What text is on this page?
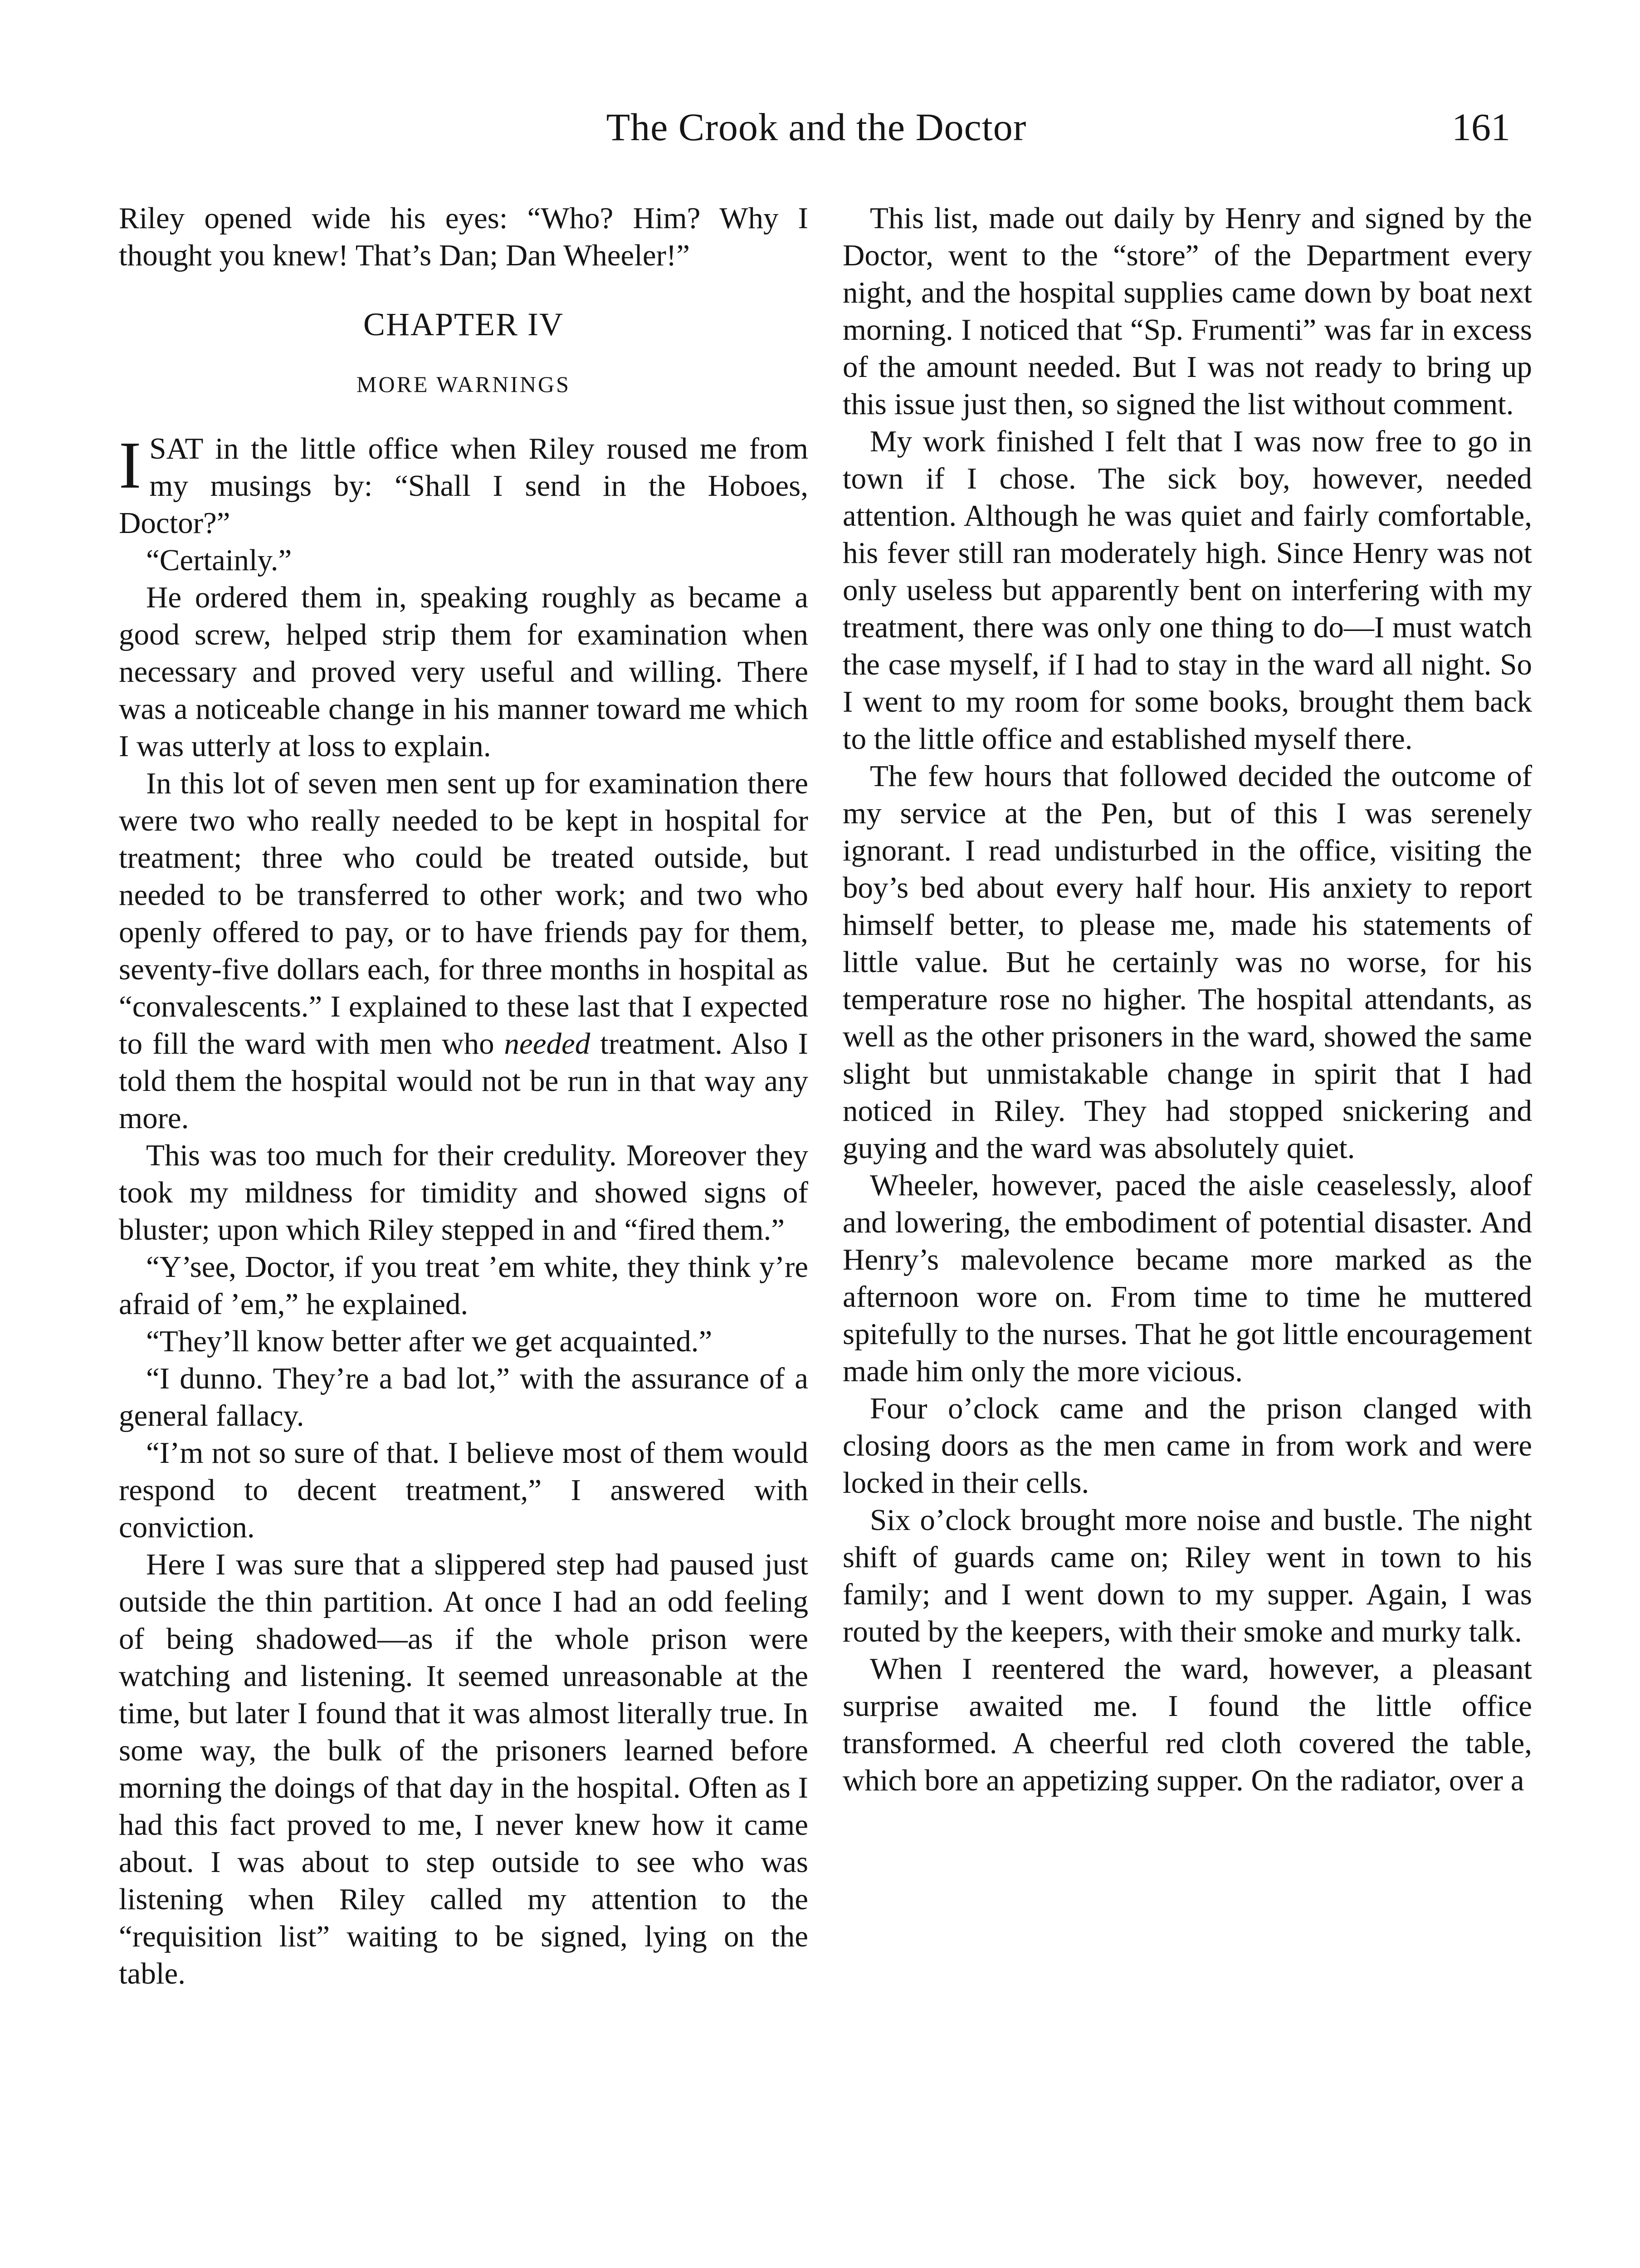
The Crook and the Doctor	161

Riley opened wide his eyes: “Who? Him? Why I thought you knew! That’s Dan; Dan Wheeler!”

CHAPTER IV
MORE WARNINGS

ISAT in the little office when Riley roused me from my musings by: “Shall I send in the Hoboes, Doctor?”

“Certainly.”

He ordered them in, speaking roughly as became a good screw, helped strip them for examination when necessary and proved very useful and willing. There was a noticeable change in his manner toward me which I was utterly at loss to explain.

In this lot of seven men sent up for examination there were two who really needed to be kept in hospital for treatment; three who could be treated outside, but needed to be transferred to other work; and two who openly offered to pay, or to have friends pay for them, seventy-five dollars each, for three months in hospital as “convalescents.” I explained to these last that I expected to fill the ward with men who needed treatment. Also I told them the hospital would not be run in that way any more.

This was too much for their credulity. Moreover they took my mildness for timidity and showed signs of bluster; upon which Riley stepped in and “fired them.”

“Y’see, Doctor, if you treat ’em white, they think y’re afraid of ’em,” he explained.

“They’ll know better after we get acquainted.”

“I dunno. They’re a bad lot,” with the assurance of a general fallacy.

“I’m not so sure of that. I believe most of them would respond to decent treatment,” I answered with conviction.

Here I was sure that a slippered step had paused just outside the thin partition. At once I had an odd feeling of being shadowed—as if the whole prison were watching and listening. It seemed unreasonable at the time, but later I found that it was almost literally true. In some way, the bulk of the prisoners learned before morning the doings of that day in the hospital. Often as I had this fact proved to me, I never knew how it came about. I was about to step outside to see who was listening when Riley called my attention to the “requisition list” waiting to be signed, lying on the table.

This list, made out daily by Henry and signed by the Doctor, went to the “store” of the Department every night, and the hospital supplies came down by boat next morning. I noticed that “Sp. Frumenti” was far in excess of the amount needed. But I was not ready to bring up this issue just then, so signed the list without comment.

My work finished I felt that I was now free to go in town if I chose. The sick boy, however, needed attention. Although he was quiet and fairly comfortable, his fever still ran moderately high. Since Henry was not only useless but apparently bent on interfering with my treatment, there was only one thing to do—I must watch the case myself, if I had to stay in the ward all night. So I went to my room for some books, brought them back to the little office and established myself there.

The few hours that followed decided the outcome of my service at the Pen, but of this I was serenely ignorant. I read undisturbed in the office, visiting the boy’s bed about every half hour. His anxiety to report himself better, to please me, made his statements of little value. But he certainly was no worse, for his temperature rose no higher. The hospital attendants, as well as the other prisoners in the ward, showed the same slight but unmistakable change in spirit that I had noticed in Riley. They had stopped snickering and guying and the ward was absolutely quiet.

Wheeler, however, paced the aisle ceaselessly, aloof and lowering, the embodiment of potential disaster. And Henry’s malevolence became more marked as the afternoon wore on. From time to time he muttered spitefully to the nurses. That he got little encouragement made him only the more vicious.

Four o’clock came and the prison clanged with closing doors as the men came in from work and were locked in their cells.

Six o’clock brought more noise and bustle. The night shift of guards came on; Riley went in town to his family; and I went down to my supper. Again, I was routed by the keepers, with their smoke and murky talk.

When I reentered the ward, however, a pleasant surprise awaited me. I found the little office transformed. A cheerful red cloth covered the table, which bore an appetizing supper. On the radiator, over a
